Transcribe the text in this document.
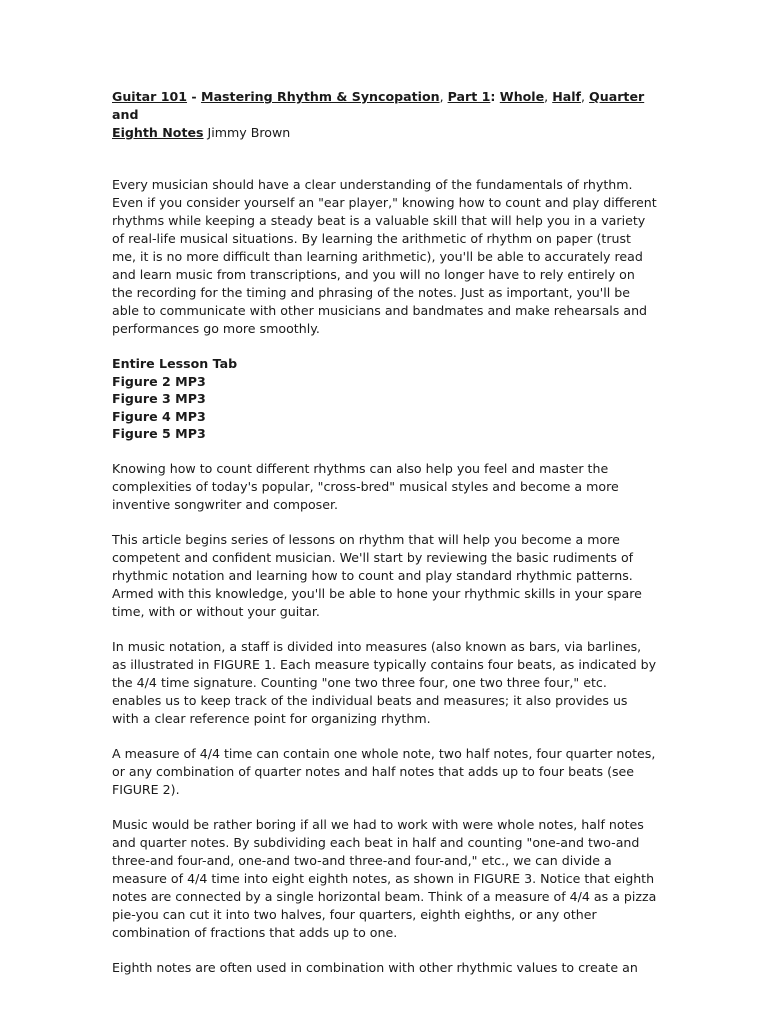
Guitar 101 - Mastering Rhythm & Syncopation, Part 1: Whole, Half, Quarter and
Eighth Notes Jimmy Brown

Every musician should have a clear understanding of the fundamentals of rhythm. Even if you consider yourself an "ear player," knowing how to count and play different rhythms while keeping a steady beat is a valuable skill that will help you in a variety of real-life musical situations. By learning the arithmetic of rhythm on paper (trust me, it is no more difficult than learning arithmetic), you'll be able to accurately read and learn music from transcriptions, and you will no longer have to rely entirely on the recording for the timing and phrasing of the notes. Just as important, you'll be able to communicate with other musicians and bandmates and make rehearsals and performances go more smoothly.

Entire Lesson Tab
Figure 2 MP3
Figure 3 MP3
Figure 4 MP3
Figure 5 MP3

Knowing how to count different rhythms can also help you feel and master the complexities of today's popular, "cross-bred" musical styles and become a more inventive songwriter and composer.

This article begins series of lessons on rhythm that will help you become a more competent and confident musician. We'll start by reviewing the basic rudiments of rhythmic notation and learning how to count and play standard rhythmic patterns. Armed with this knowledge, you'll be able to hone your rhythmic skills in your spare time, with or without your guitar.

In music notation, a staff is divided into measures (also known as bars, via barlines, as illustrated in FIGURE 1. Each measure typically contains four beats, as indicated by the 4/4 time signature. Counting "one two three four, one two three four," etc. enables us to keep track of the individual beats and measures; it also provides us with a clear reference point for organizing rhythm.

A measure of 4/4 time can contain one whole note, two half notes, four quarter notes, or any combination of quarter notes and half notes that adds up to four beats (see FIGURE 2).

Music would be rather boring if all we had to work with were whole notes, half notes and quarter notes. By subdividing each beat in half and counting "one-and two-and three-and four-and, one-and two-and three-and four-and," etc., we can divide a measure of 4/4 time into eight eighth notes, as shown in FIGURE 3. Notice that eighth notes are connected by a single horizontal beam. Think of a measure of 4/4 as a pizza pie-you can cut it into two halves, four quarters, eighth eighths, or any other combination of fractions that adds up to one.

Eighth notes are often used in combination with other rhythmic values to create an
